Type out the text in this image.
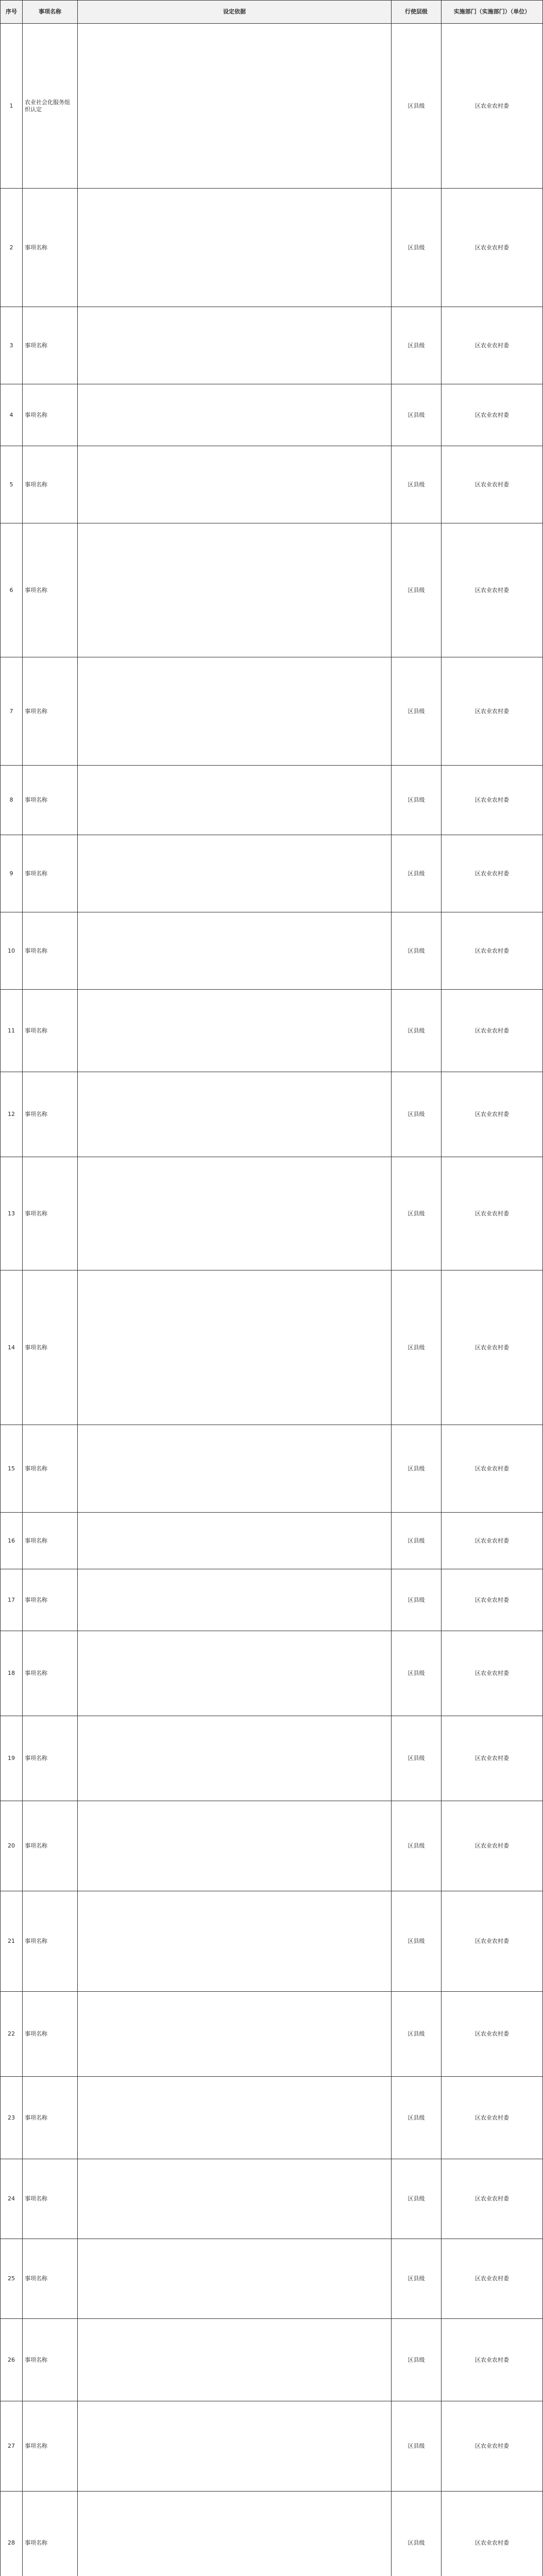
序号	事项名称	设定依据	行使层级	实施部门（实施部门）（单位）
1	农业社会化服务组织认定		区县级	区农业农村委
2	事项名称		区县级	区农业农村委
3	事项名称		区县级	区农业农村委
4	事项名称		区县级	区农业农村委
5	事项名称		区县级	区农业农村委
6	事项名称		区县级	区农业农村委
7	事项名称		区县级	区农业农村委
8	事项名称		区县级	区农业农村委
9	事项名称		区县级	区农业农村委
10	事项名称		区县级	区农业农村委
11	事项名称		区县级	区农业农村委
12	事项名称		区县级	区农业农村委
13	事项名称		区县级	区农业农村委
14	事项名称		区县级	区农业农村委
15	事项名称		区县级	区农业农村委
16	事项名称		区县级	区农业农村委
17	事项名称		区县级	区农业农村委
18	事项名称		区县级	区农业农村委
19	事项名称		区县级	区农业农村委
20	事项名称		区县级	区农业农村委
21	事项名称		区县级	区农业农村委
22	事项名称		区县级	区农业农村委
23	事项名称		区县级	区农业农村委
24	事项名称		区县级	区农业农村委
25	事项名称		区县级	区农业农村委
26	事项名称		区县级	区农业农村委
27	事项名称		区县级	区农业农村委
28	事项名称		区县级	区农业农村委
